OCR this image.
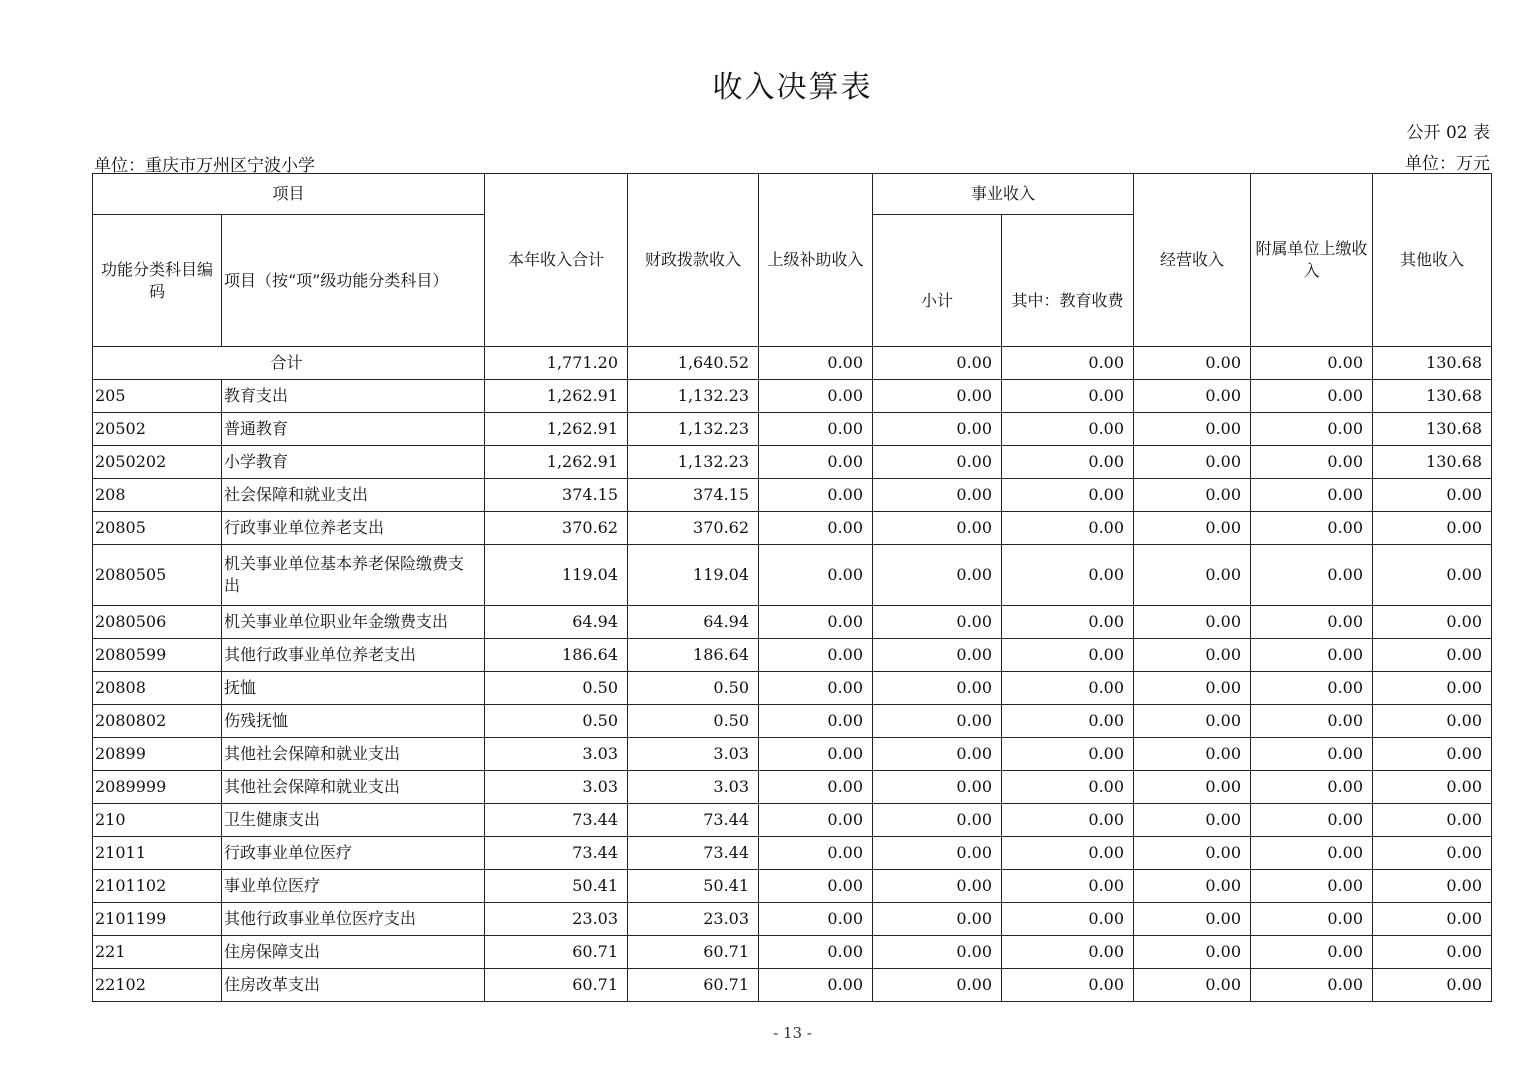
收入决算表
公开 02 表
单位：重庆市万州区宁波小学	单位：万元
项目		本年收入合计	财政拨款收入	上级补助收入	事业收入		经营收入	附属单位上缴收入	其他收入
功能分类科目编码	项目（按“项”级功能分类科目）				小计	其中：教育收费			
合计		1,771.20	1,640.52	0.00	0.00	0.00	0.00	0.00	130.68
205	教育支出	1,262.91	1,132.23	0.00	0.00	0.00	0.00	0.00	130.68
20502	普通教育	1,262.91	1,132.23	0.00	0.00	0.00	0.00	0.00	130.68
2050202	小学教育	1,262.91	1,132.23	0.00	0.00	0.00	0.00	0.00	130.68
208	社会保障和就业支出	374.15	374.15	0.00	0.00	0.00	0.00	0.00	0.00
20805	行政事业单位养老支出	370.62	370.62	0.00	0.00	0.00	0.00	0.00	0.00
2080505	机关事业单位基本养老保险缴费支出	119.04	119.04	0.00	0.00	0.00	0.00	0.00	0.00
2080506	机关事业单位职业年金缴费支出	64.94	64.94	0.00	0.00	0.00	0.00	0.00	0.00
2080599	其他行政事业单位养老支出	186.64	186.64	0.00	0.00	0.00	0.00	0.00	0.00
20808	抚恤	0.50	0.50	0.00	0.00	0.00	0.00	0.00	0.00
2080802	伤残抚恤	0.50	0.50	0.00	0.00	0.00	0.00	0.00	0.00
20899	其他社会保障和就业支出	3.03	3.03	0.00	0.00	0.00	0.00	0.00	0.00
2089999	其他社会保障和就业支出	3.03	3.03	0.00	0.00	0.00	0.00	0.00	0.00
210	卫生健康支出	73.44	73.44	0.00	0.00	0.00	0.00	0.00	0.00
21011	行政事业单位医疗	73.44	73.44	0.00	0.00	0.00	0.00	0.00	0.00
2101102	事业单位医疗	50.41	50.41	0.00	0.00	0.00	0.00	0.00	0.00
2101199	其他行政事业单位医疗支出	23.03	23.03	0.00	0.00	0.00	0.00	0.00	0.00
221	住房保障支出	60.71	60.71	0.00	0.00	0.00	0.00	0.00	0.00
22102	住房改革支出	60.71	60.71	0.00	0.00	0.00	0.00	0.00	0.00
- 13 -
